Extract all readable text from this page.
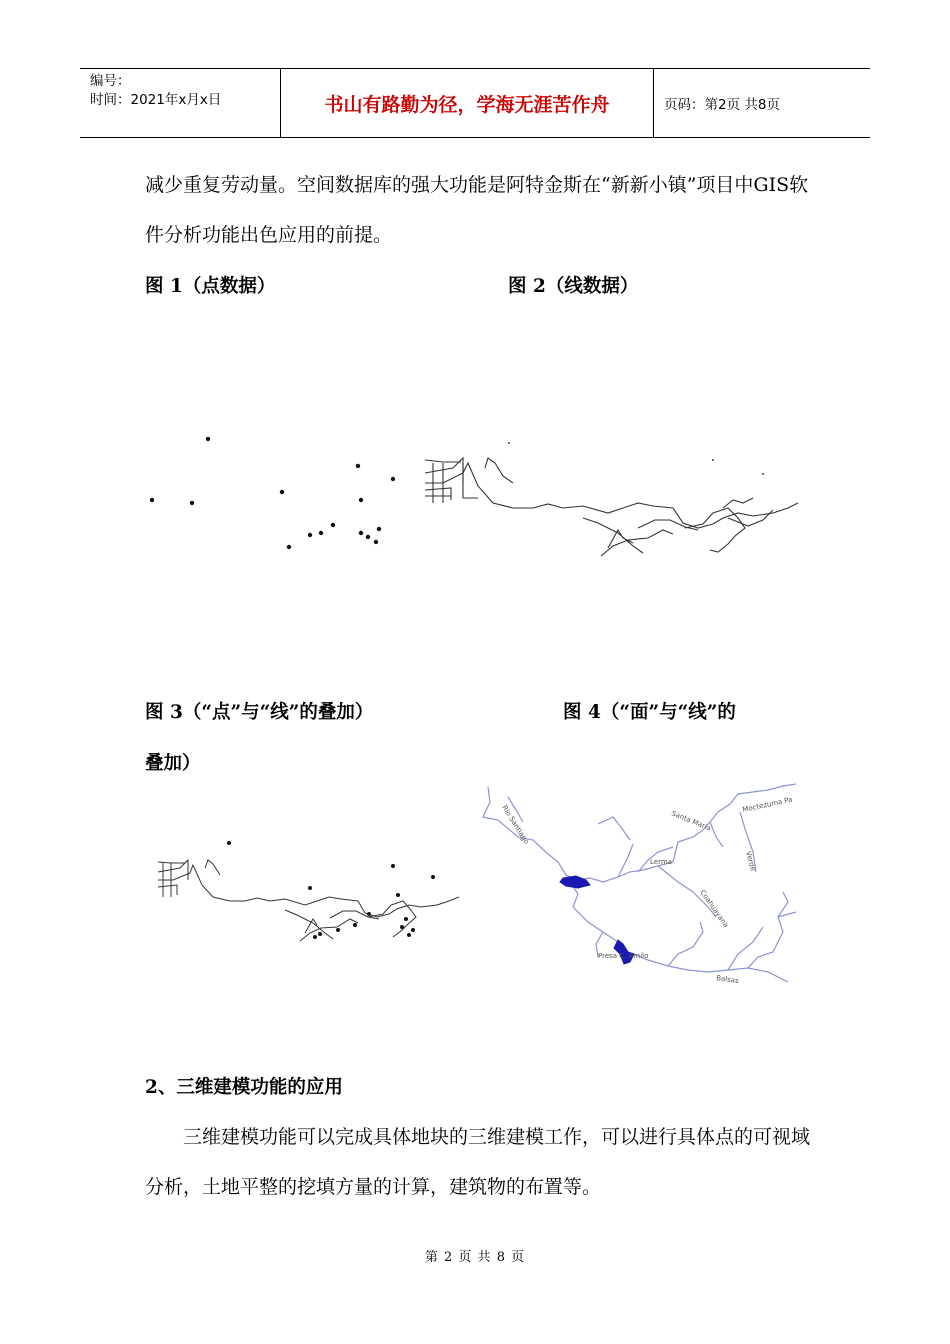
编号：
时间：2021年x月x日	书山有路勤为径，学海无涯苦作舟	页码：第2页 共8页

减少重复劳动量。空间数据库的强大功能是阿特金斯在“新新小镇”项目中GIS软件分析功能出色应用的前提。

图 1（点数据）	图 2（线数据）
图 3（“点”与“线”的叠加）	图 4（“面”与“线”的
叠加）
Rio Santiago	Santa Maria
Moctezuma Pa
Verde
Lerma
Coahuayana
Presa C. Amilo
Balsas
2、三维建模功能的应用

　　三维建模功能可以完成具体地块的三维建模工作，可以进行具体点的可视域分析，土地平整的挖填方量的计算，建筑物的布置等。

第 2 页 共 8 页
